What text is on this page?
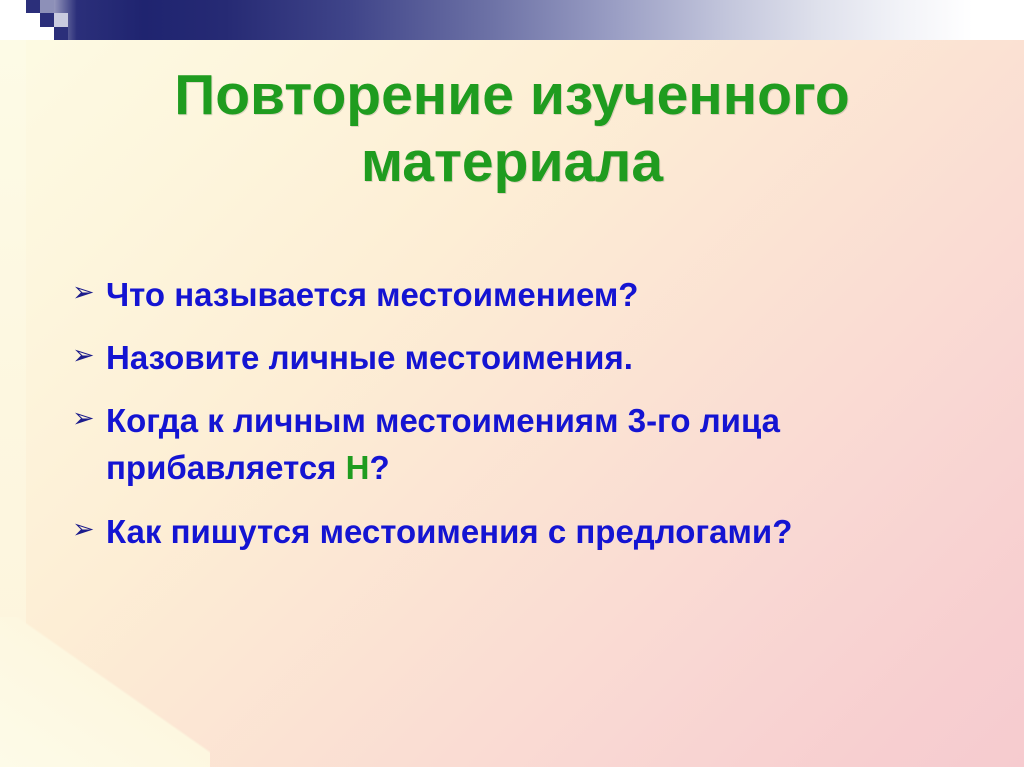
Повторение изученного материала
➢ Что называется местоимением?
➢ Назовите личные местоимения.
➢ Когда к личным местоимениям 3-го лица прибавляется Н?
➢ Как пишутся местоимения с предлогами?
